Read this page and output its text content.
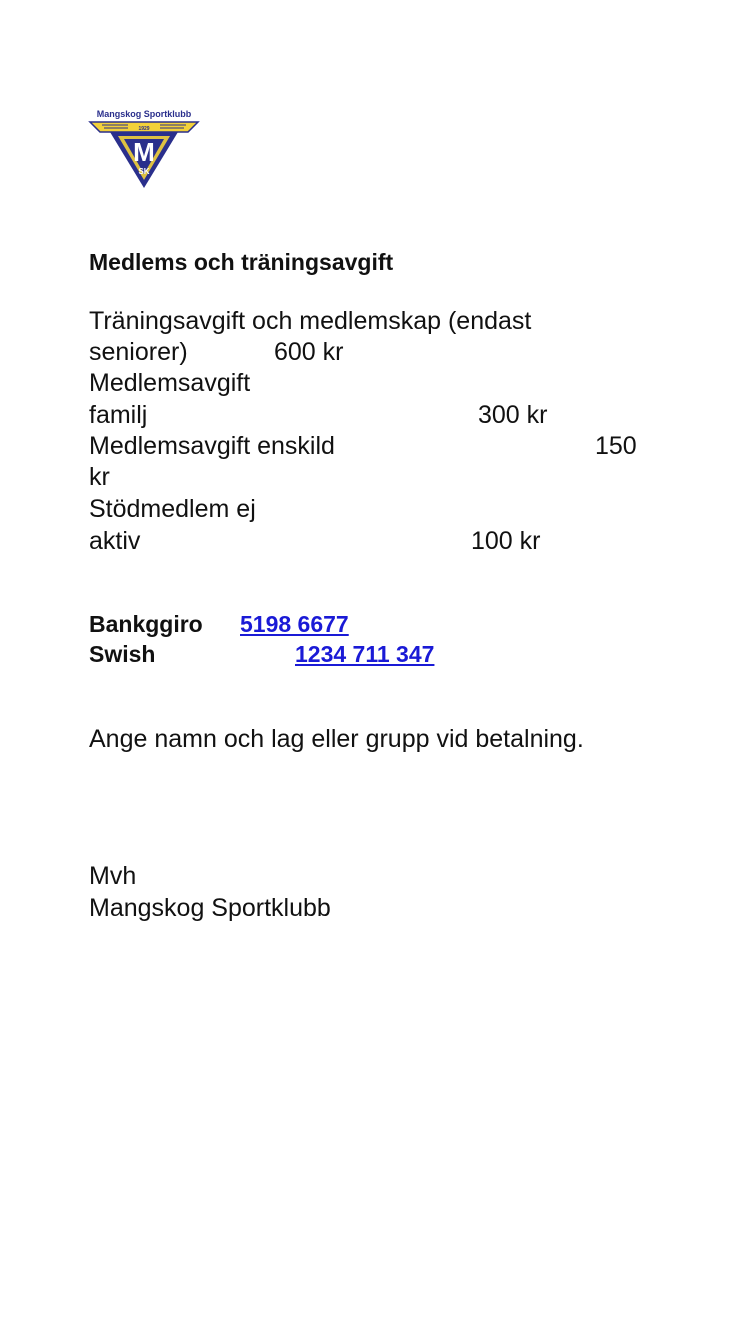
Mangskog Sportklubb
1929
M
SK
Medlems och träningsavgift
Träningsavgift och medlemskap (endast
seniorer)	600 kr
Medlemsavgift
familj	300 kr
Medlemsavgift enskild	150
kr
Stödmedlem ej
aktiv	100 kr
Bankggiro 5198 6677
Swish	1234 711 347
Ange namn och lag eller grupp vid betalning.
Mvh
Mangskog Sportklubb
